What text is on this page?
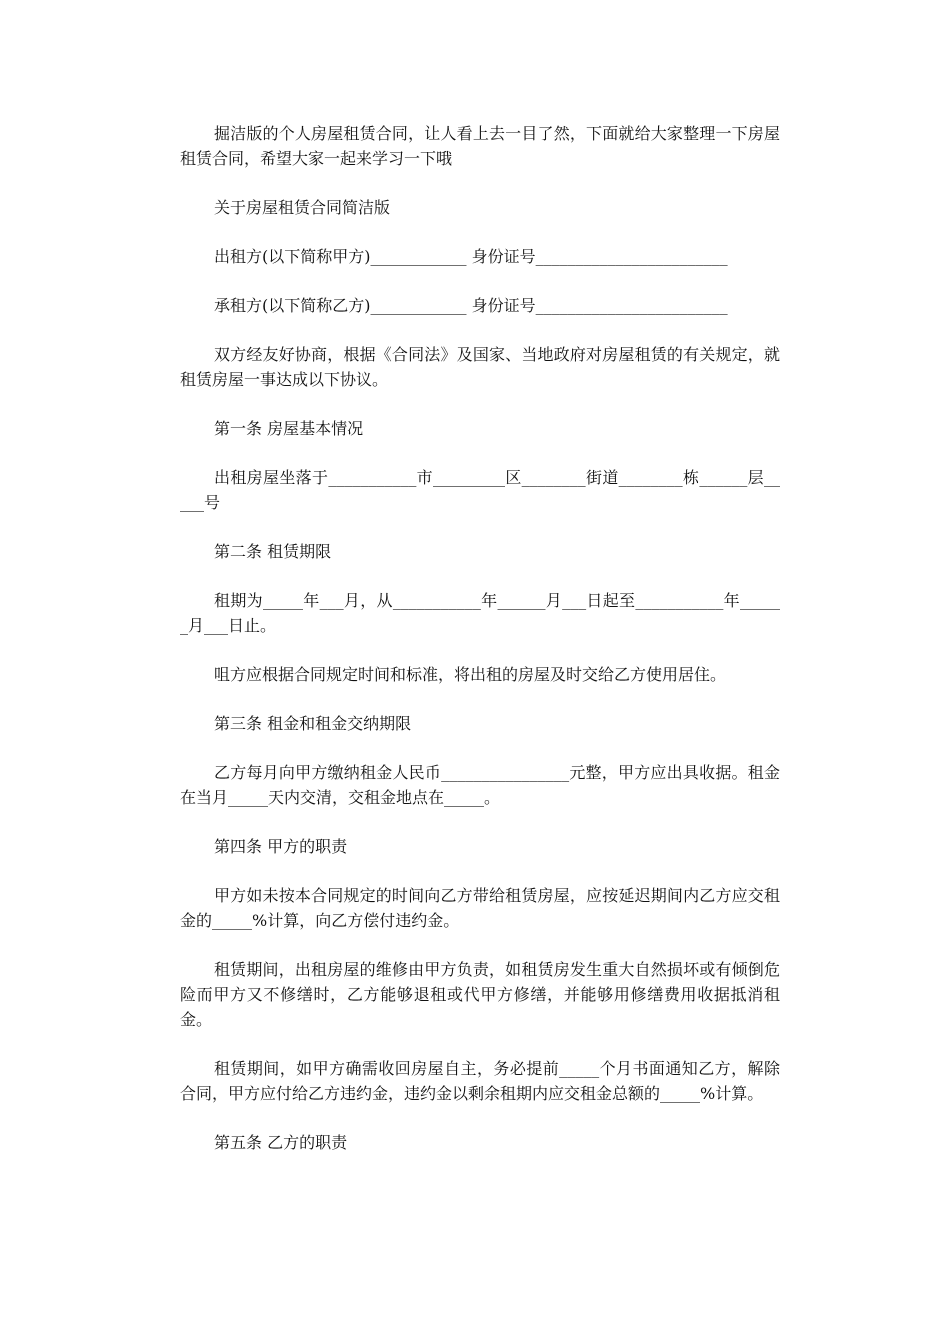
掘洁版的个人房屋租赁合同，让人看上去一目了然，下面就给大家整理一下房屋租赁合同，希望大家一起来学习一下哦

关于房屋租赁合同简洁版

出租方(以下简称甲方)____________ 身份证号________________________

承租方(以下简称乙方)____________ 身份证号________________________

双方经友好协商，根据《合同法》及国家、当地政府对房屋租赁的有关规定，就租赁房屋一事达成以下协议。

第一条 房屋基本情况

出租房屋坐落于___________市_________区________街道________栋______层_____号

第二条 租赁期限

租期为_____年___月，从___________年______月___日起至___________年______月___日止。

咀方应根据合同规定时间和标准，将出租的房屋及时交给乙方使用居住。

第三条 租金和租金交纳期限

乙方每月向甲方缴纳租金人民币________________元整，甲方应出具收据。租金在当月_____天内交清，交租金地点在_____。

第四条 甲方的职责

甲方如未按本合同规定的时间向乙方带给租赁房屋，应按延迟期间内乙方应交租金的_____%计算，向乙方偿付违约金。

租赁期间，出租房屋的维修由甲方负责，如租赁房发生重大自然损坏或有倾倒危险而甲方又不修缮时，乙方能够退租或代甲方修缮，并能够用修缮费用收据抵消租金。

租赁期间，如甲方确需收回房屋自主，务必提前_____个月书面通知乙方，解除合同，甲方应付给乙方违约金，违约金以剩余租期内应交租金总额的_____%计算。

第五条 乙方的职责
